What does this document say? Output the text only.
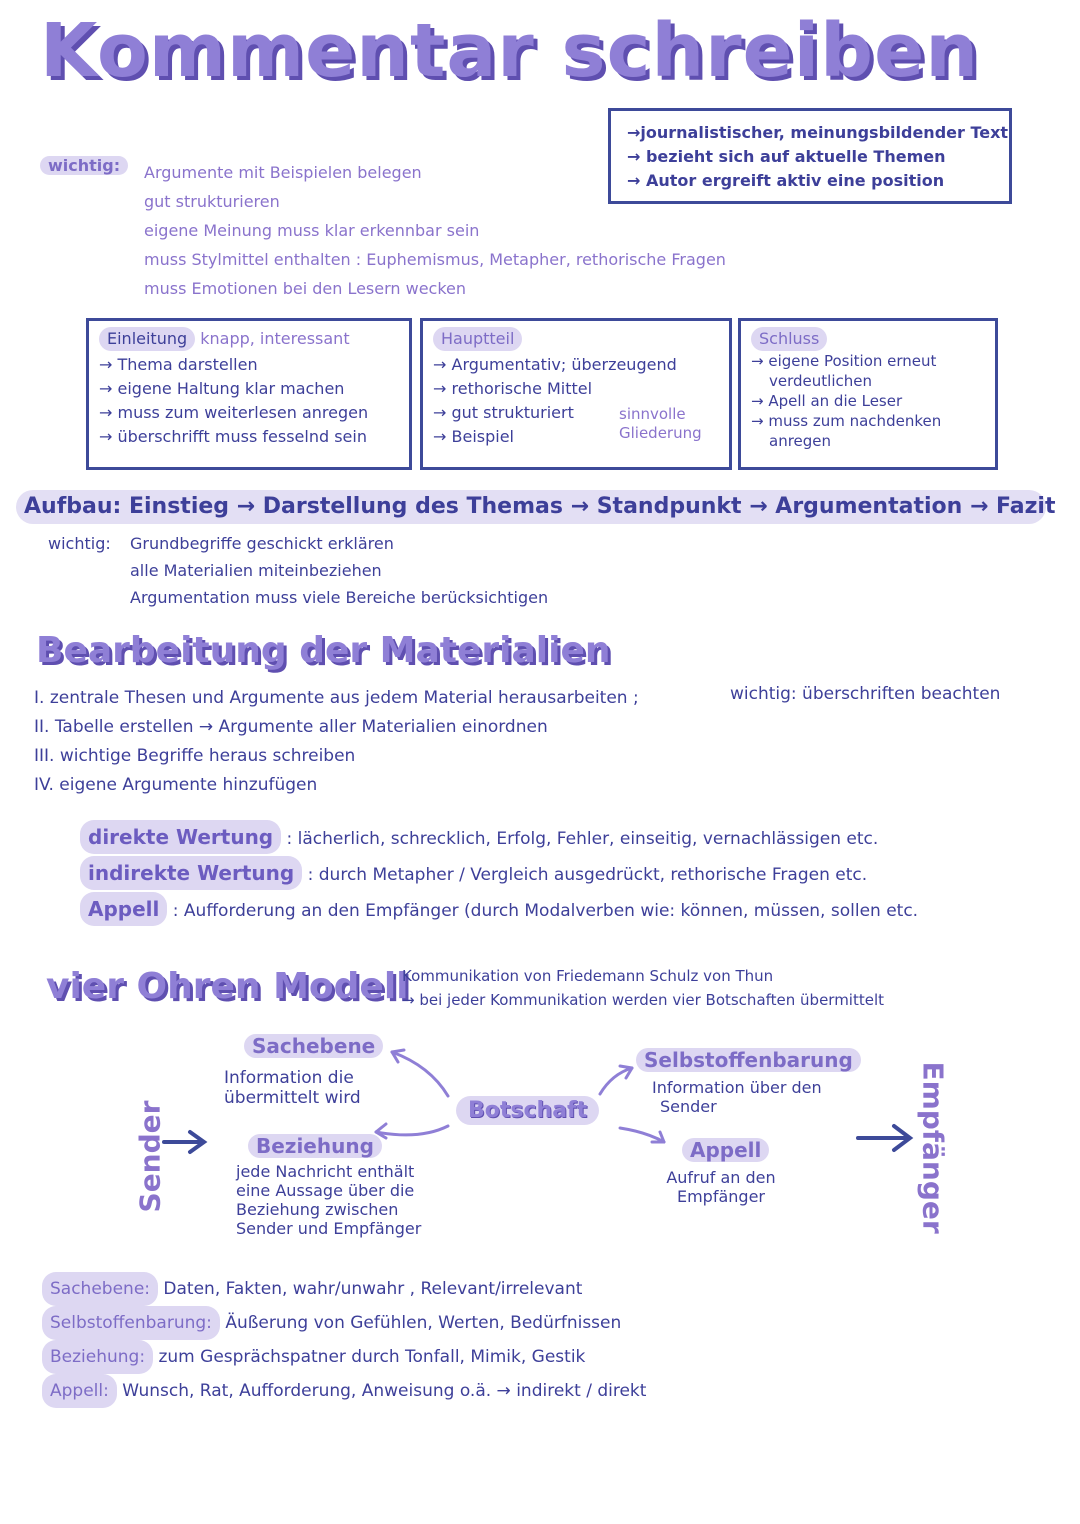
Kommentar schreiben
→journalistischer, meinungsbildender Text
→ bezieht sich auf aktuelle Themen
→ Autor ergreift aktiv eine position
wichtig:	Argumente mit Beispielen belegen
gut strukturieren
eigene Meinung muss klar erkennbar sein
muss Stylmittel enthalten : Euphemismus, Metapher, rethorische Fragen
muss Emotionen bei den Lesern wecken
Einleitung knapp, interessant
→ Thema darstellen
→ eigene Haltung klar machen
→ muss zum weiterlesen anregen
→ überschrifft muss fesselnd sein
Hauptteil
→ Argumentativ; überzeugend
→ rethorische Mittel
→ gut strukturiert
→ Beispiel
sinnvolle
Gliederung
Schluss
→ eigene Position erneut
verdeutlichen
→ Apell an die Leser
→ muss zum nachdenken
anregen
Aufbau: Einstieg → Darstellung des Themas → Standpunkt → Argumentation → Fazit
wichtig: Grundbegriffe geschickt erklären
alle Materialien miteinbeziehen
Argumentation muss viele Bereiche berücksichtigen
Bearbeitung der Materialien
I. zentrale Thesen und Argumente aus jedem Material herausarbeiten ;
II. Tabelle erstellen → Argumente aller Materialien einordnen
III. wichtige Begriffe heraus schreiben
IV. eigene Argumente hinzufügen
wichtig: überschriften beachten
direkte Wertung : lächerlich, schrecklich, Erfolg, Fehler, einseitig, vernachlässigen etc.
indirekte Wertung : durch Metapher / Vergleich ausgedrückt, rethorische Fragen etc.
Appell : Aufforderung an den Empfänger (durch Modalverben wie: können, müssen, sollen etc.
vier Ohren Modell
Kommunikation von Friedemann Schulz von Thun
→ bei jeder Kommunikation werden vier Botschaften übermittelt
Sender	Empfänger
Botschaft
Sachebene
Information die
übermittelt wird
Beziehung
jede Nachricht enthält
eine Aussage über die
Beziehung zwischen
Sender und Empfänger
Selbstoffenbarung
Information über den
Sender
Appell
Aufruf an den
Empfänger
Sachebene: Daten, Fakten, wahr/unwahr , Relevant/irrelevant
Selbstoffenbarung: Äußerung von Gefühlen, Werten, Bedürfnissen
Beziehung: zum Gesprächspatner durch Tonfall, Mimik, Gestik
Appell: Wunsch, Rat, Aufforderung, Anweisung o.ä. → indirekt / direkt
